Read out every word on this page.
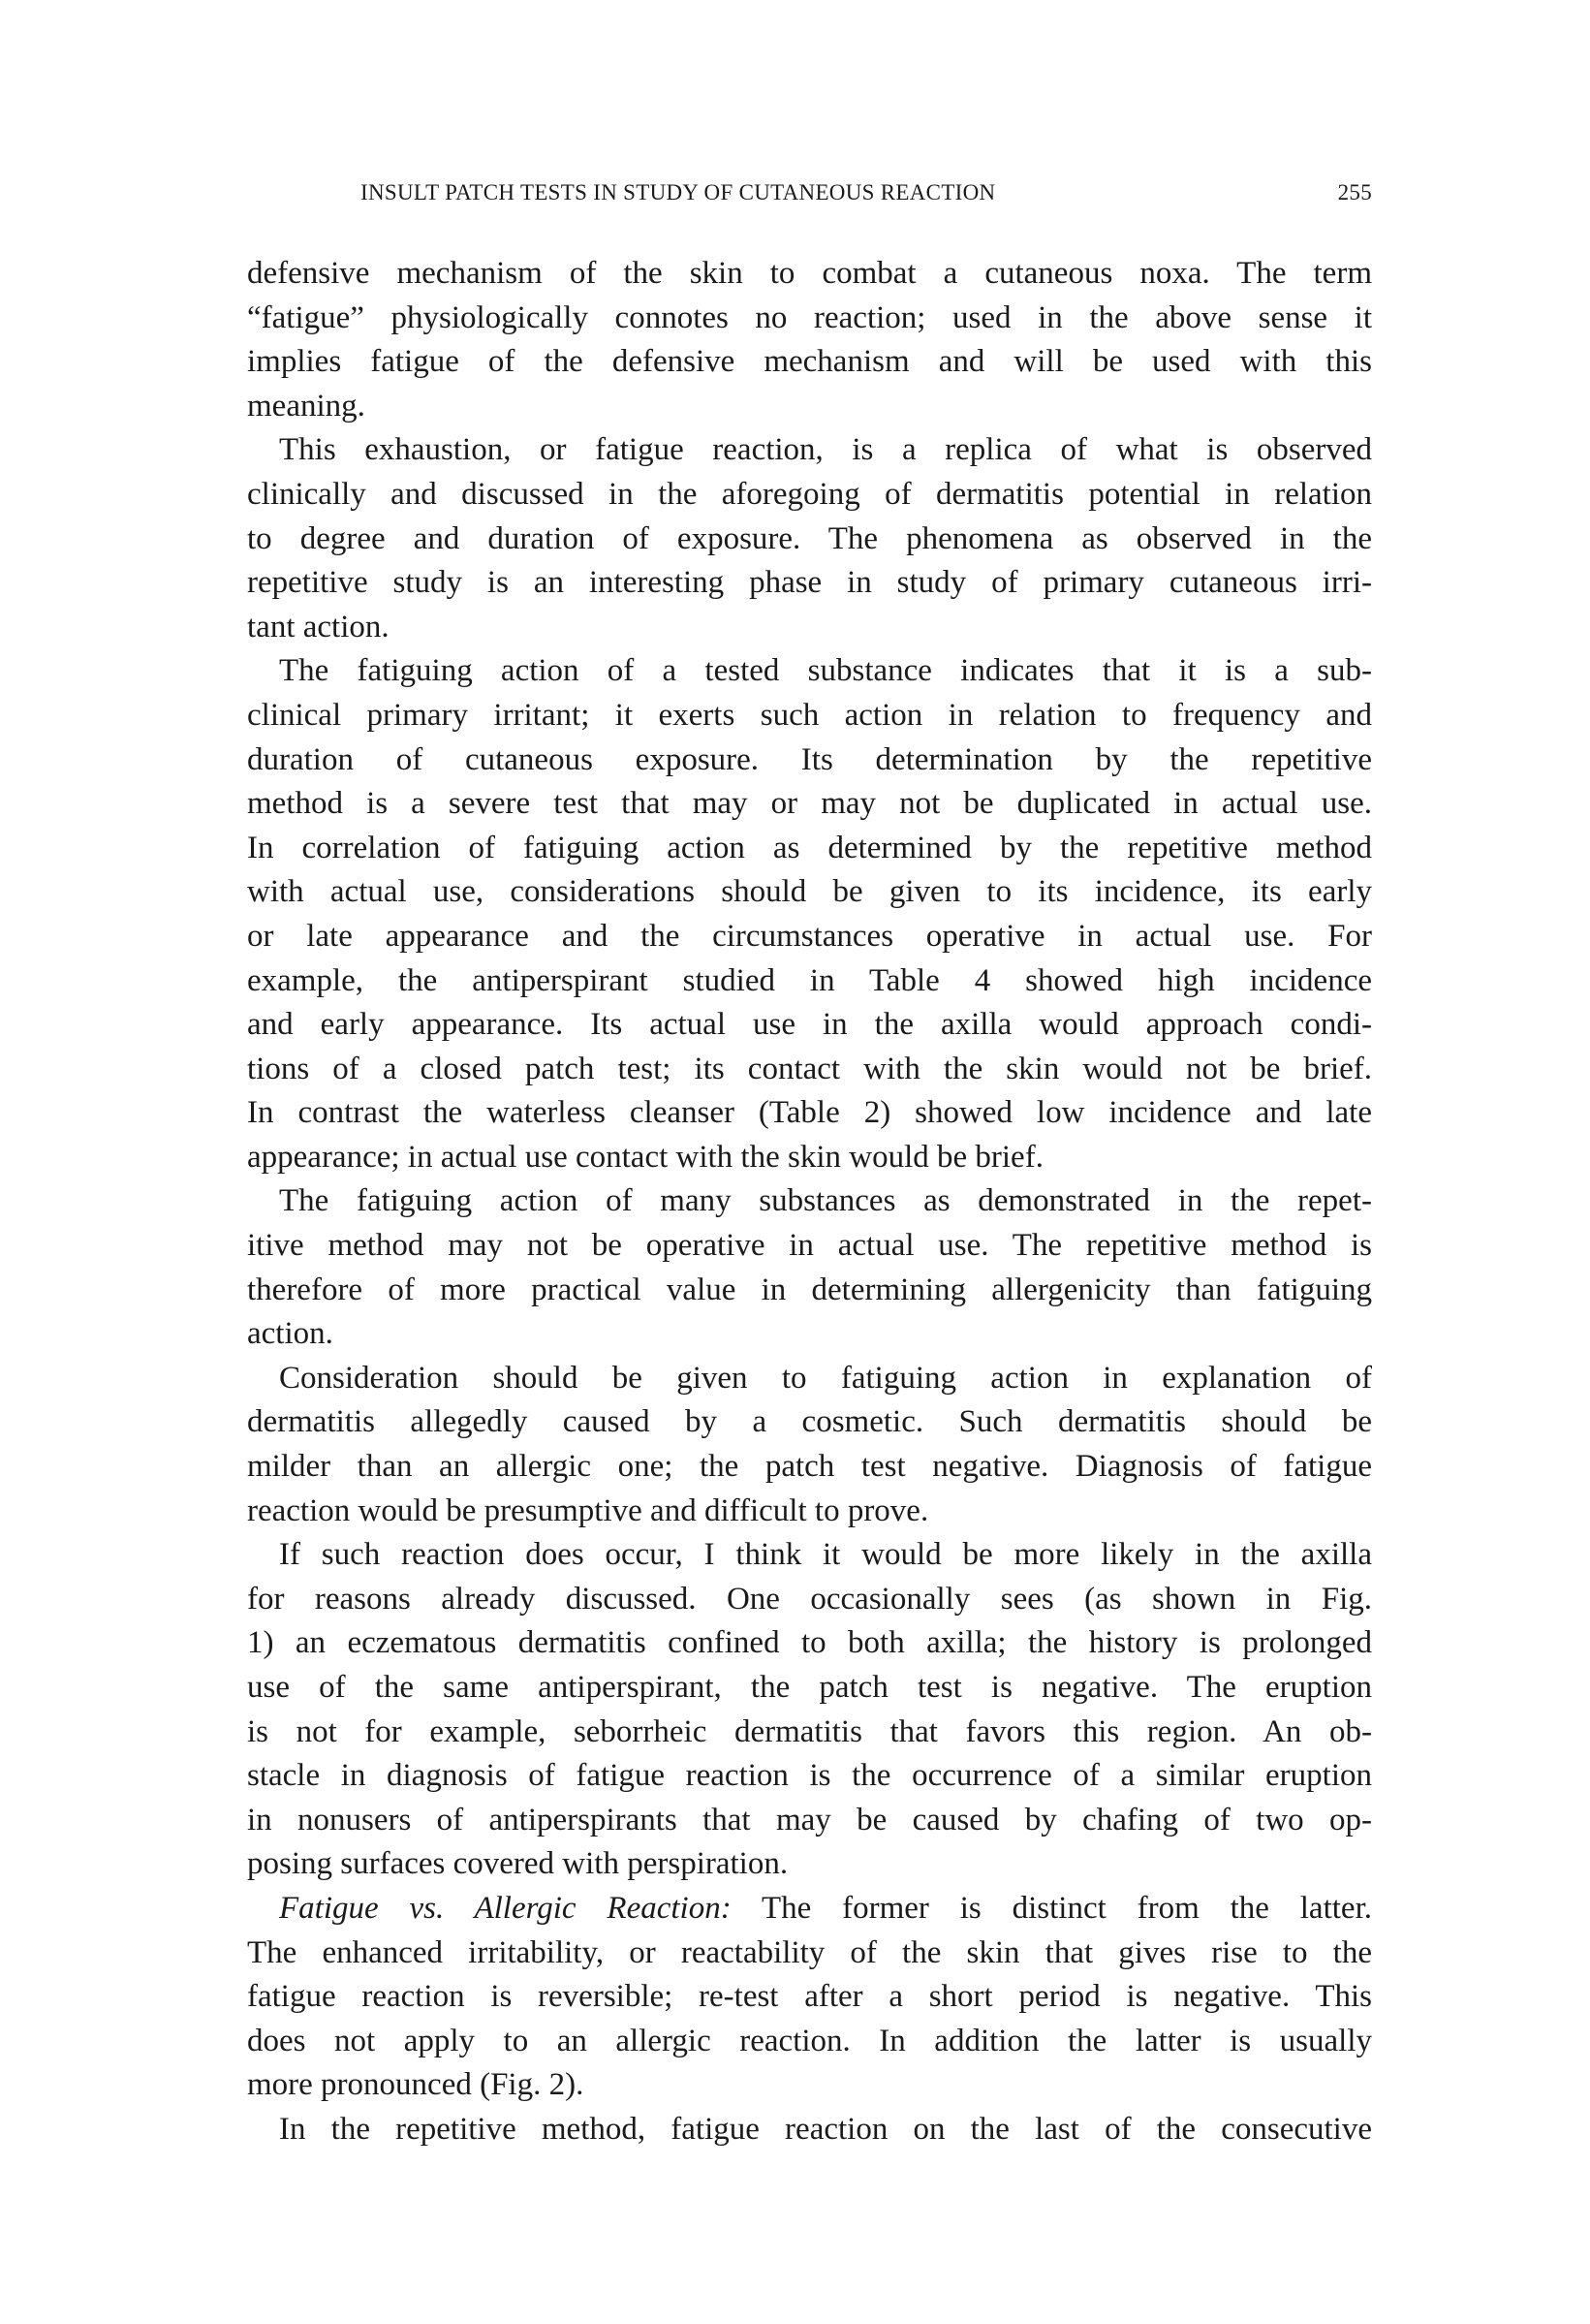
INSULT PATCH TESTS IN STUDY OF CUTANEOUS REACTION	255
defensive mechanism of the skin to combat a cutaneous noxa. The term
“fatigue” physiologically connotes no reaction; used in the above sense it
implies fatigue of the defensive mechanism and will be used with this
meaning.
This exhaustion, or fatigue reaction, is a replica of what is observed
clinically and discussed in the aforegoing of dermatitis potential in relation
to degree and duration of exposure. The phenomena as observed in the
repetitive study is an interesting phase in study of primary cutaneous irri-
tant action.
The fatiguing action of a tested substance indicates that it is a sub-
clinical primary irritant; it exerts such action in relation to frequency and
duration of cutaneous exposure. Its determination by the repetitive
method is a severe test that may or may not be duplicated in actual use.
In correlation of fatiguing action as determined by the repetitive method
with actual use, considerations should be given to its incidence, its early
or late appearance and the circumstances operative in actual use. For
example, the antiperspirant studied in Table 4 showed high incidence
and early appearance. Its actual use in the axilla would approach condi-
tions of a closed patch test; its contact with the skin would not be brief.
In contrast the waterless cleanser (Table 2) showed low incidence and late
appearance; in actual use contact with the skin would be brief.
The fatiguing action of many substances as demonstrated in the repet-
itive method may not be operative in actual use. The repetitive method is
therefore of more practical value in determining allergenicity than fatiguing
action.
Consideration should be given to fatiguing action in explanation of
dermatitis allegedly caused by a cosmetic. Such dermatitis should be
milder than an allergic one; the patch test negative. Diagnosis of fatigue
reaction would be presumptive and difficult to prove.
If such reaction does occur, I think it would be more likely in the axilla
for reasons already discussed. One occasionally sees (as shown in Fig.
1) an eczematous dermatitis confined to both axilla; the history is prolonged
use of the same antiperspirant, the patch test is negative. The eruption
is not for example, seborrheic dermatitis that favors this region. An ob-
stacle in diagnosis of fatigue reaction is the occurrence of a similar eruption
in nonusers of antiperspirants that may be caused by chafing of two op-
posing surfaces covered with perspiration.
Fatigue vs. Allergic Reaction: The former is distinct from the latter.
The enhanced irritability, or reactability of the skin that gives rise to the
fatigue reaction is reversible; re-test after a short period is negative. This
does not apply to an allergic reaction. In addition the latter is usually
more pronounced (Fig. 2).
In the repetitive method, fatigue reaction on the last of the consecutive
